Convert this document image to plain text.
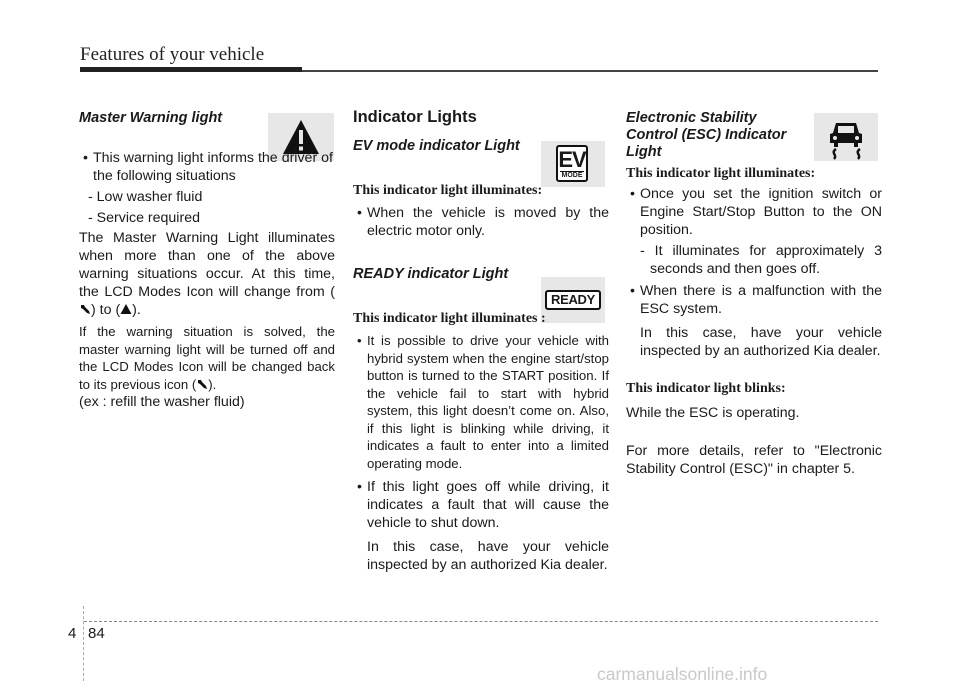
Features of your vehicle
EV
MODE
READY
Master Warning light
• This warning light informs the driver of the following situations
- Low washer fluid
- Service required
The Master Warning Light illuminates when more than one of the above warning situations occur. At this time, the LCD Modes Icon will change from () to ( ).
If the warning situation is solved, the master warning light will be turned off and the LCD Modes Icon will be changed back to its previous icon ( ).
(ex : refill the washer fluid)
Indicator Lights
EV mode indicator Light
This indicator light illuminates:
• When the vehicle is moved by the electric motor only.
READY indicator Light
This indicator light illuminates :
• It is possible to drive your vehicle with hybrid system when the engine start/stop button is turned to the START position. If the vehicle fail to start with hybrid system, this light doesn’t come on. Also, if this light is blinking while driving, it indicates a fault to enter into a limited operating mode.
• If this light goes off while driving, it indicates a fault that will cause the vehicle to shut down.
In this case, have your vehicle inspected by an authorized Kia dealer.
Electronic Stability Control (ESC) Indicator Light
This indicator light illuminates:
• Once you set the ignition switch or Engine Start/Stop Button to the ON position.
- It illuminates for approximately 3 seconds and then goes off.
• When there is a malfunction with the ESC system.
In this case, have your vehicle inspected by an authorized Kia dealer.
This indicator light blinks:
While the ESC is operating.
For more details, refer to "Electronic Stability Control (ESC)" in chapter 5.
4 84
carmanualsonline.info
